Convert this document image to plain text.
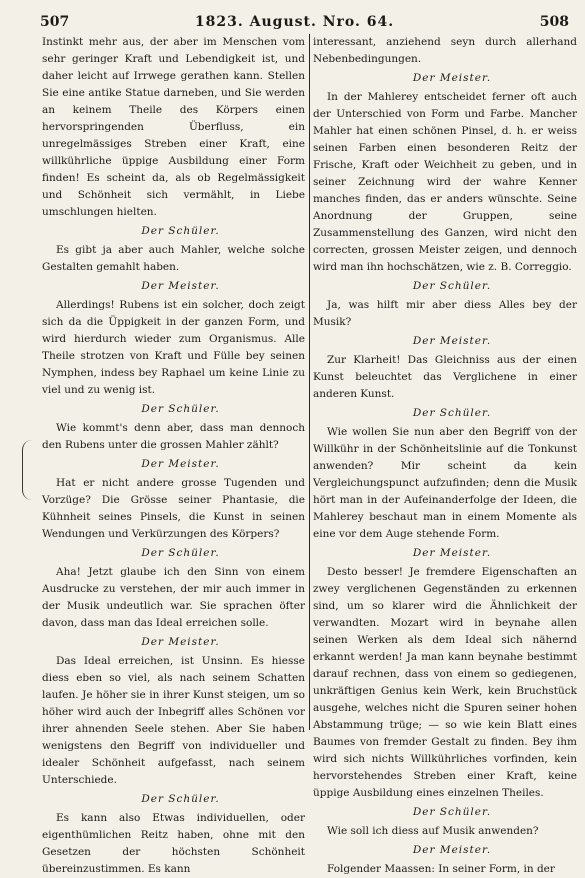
507	1823. August. Nro. 64.	508

Instinkt mehr aus, der aber im Menschen vom sehr geringer Kraft und Lebendigkeit ist, und daher leicht auf Irrwege gerathen kann. Stellen Sie eine antike Statue darneben, und Sie werden an keinem Theile des Körpers einen hervorspringenden Überfluss, ein unregelmässiges Streben einer Kraft, eine willkührliche üppige Ausbildung einer Form finden! Es scheint da, als ob Regelmässigkeit und Schönheit sich vermählt, in Liebe umschlungen hielten.

Der Schüler.

Es gibt ja aber auch Mahler, welche solche Gestalten gemahlt haben.

Der Meister.

Allerdings! Rubens ist ein solcher, doch zeigt sich da die Üppigkeit in der ganzen Form, und wird hierdurch wieder zum Organismus. Alle Theile strotzen von Kraft und Fülle bey seinen Nymphen, indess bey Raphael um keine Linie zu viel und zu wenig ist.

Der Schüler.

Wie kommt's denn aber, dass man dennoch den Rubens unter die grossen Mahler zählt?

Der Meister.

Hat er nicht andere grosse Tugenden und Vorzüge? Die Grösse seiner Phantasie, die Kühnheit seines Pinsels, die Kunst in seinen Wendungen und Verkürzungen des Körpers?

Der Schüler.

Aha! Jetzt glaube ich den Sinn von einem Ausdrucke zu verstehen, der mir auch immer in der Musik undeutlich war. Sie sprachen öfter davon, dass man das Ideal erreichen solle.

Der Meister.

Das Ideal erreichen, ist Unsinn. Es hiesse diess eben so viel, als nach seinem Schatten laufen. Je höher sie in ihrer Kunst steigen, um so höher wird auch der Inbegriff alles Schönen vor ihrer ahnenden Seele stehen. Aber Sie haben wenigstens den Begriff von individueller und idealer Schönheit aufgefasst, nach seinem Unterschiede.

Der Schüler.

Es kann also Etwas individuellen, oder eigenthümlichen Reitz haben, ohne mit den Gesetzen der höchsten Schönheit übereinzustimmen. Es kann

interessant, anziehend seyn durch allerhand Nebenbedingungen.

Der Meister.

In der Mahlerey entscheidet ferner oft auch der Unterschied von Form und Farbe. Mancher Mahler hat einen schönen Pinsel, d. h. er weiss seinen Farben einen besonderen Reitz der Frische, Kraft oder Weichheit zu geben, und in seiner Zeichnung wird der wahre Kenner manches finden, das er anders wünschte. Seine Anordnung der Gruppen, seine Zusammenstellung des Ganzen, wird nicht den correcten, grossen Meister zeigen, und dennoch wird man ihn hochschätzen, wie z. B. Correggio.

Der Schüler.

Ja, was hilft mir aber diess Alles bey der Musik?

Der Meister.

Zur Klarheit! Das Gleichniss aus der einen Kunst beleuchtet das Verglichene in einer anderen Kunst.

Der Schüler.

Wie wollen Sie nun aber den Begriff von der Willkühr in der Schönheitslinie auf die Tonkunst anwenden? Mir scheint da kein Vergleichungspunct aufzufinden; denn die Musik hört man in der Aufeinanderfolge der Ideen, die Mahlerey beschaut man in einem Momente als eine vor dem Auge stehende Form.

Der Meister.

Desto besser! Je fremdere Eigenschaften an zwey verglichenen Gegenständen zu erkennen sind, um so klarer wird die Ähnlichkeit der verwandten. Mozart wird in beynahe allen seinen Werken als dem Ideal sich nähernd erkannt werden! Ja man kann beynahe bestimmt darauf rechnen, dass von einem so gediegenen, unkräftigen Genius kein Werk, kein Bruchstück ausgehe, welches nicht die Spuren seiner hohen Abstammung trüge; — so wie kein Blatt eines Baumes von fremder Gestalt zu finden. Bey ihm wird sich nichts Willkührliches vorfinden, kein hervorstehendes Streben einer Kraft, keine üppige Ausbildung eines einzelnen Theiles.

Der Schüler.

Wie soll ich diess auf Musik anwenden?

Der Meister.

Folgender Maassen: In seiner Form, in der
